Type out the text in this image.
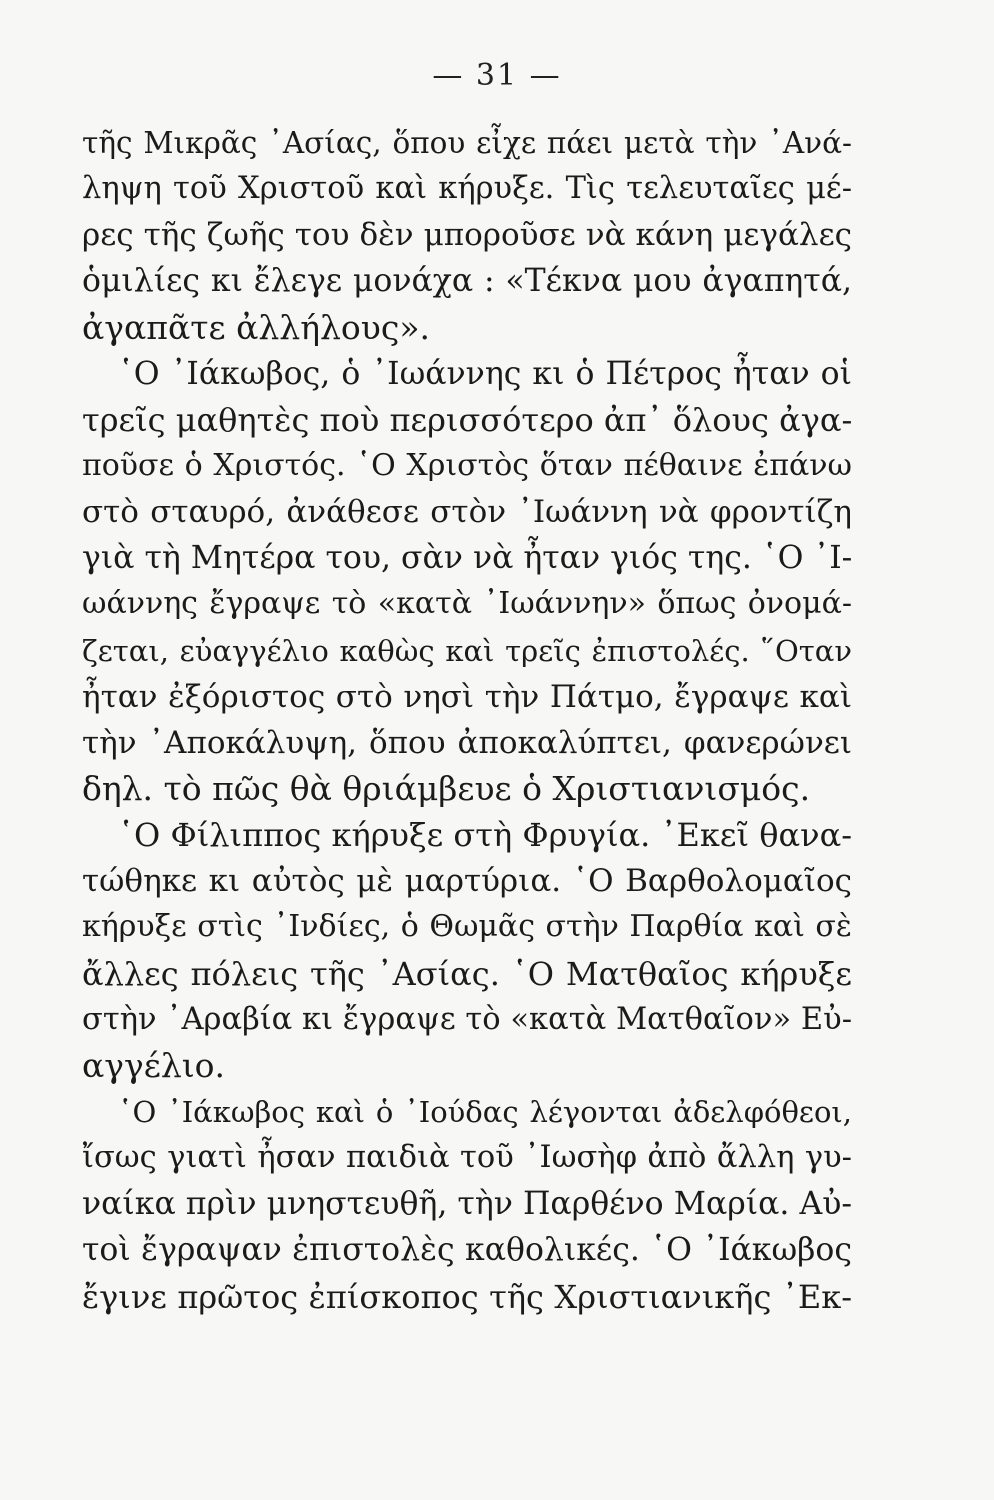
— 31 —
τῆς Μικρᾶς ᾿Ασίας, ὅπου εἶχε πάει μετὰ τὴν ᾿Ανά-
ληψη τοῦ Χριστοῦ καὶ κήρυξε. Τὶς τελευταῖες μέ-
ρες τῆς ζωῆς του δὲν μποροῦσε νὰ κάνη μεγάλες
ὁμιλίες κι ἔλεγε μονάχα : «Τέκνα μου ἀγαπητά,
ἀγαπᾶτε ἀλλήλους».
῾Ο ᾿Ιάκωβος, ὁ ᾿Ιωάννης κι ὁ Πέτρος ἦταν οἱ
τρεῖς μαθητὲς ποὺ περισσότερο ἀπ᾿ ὅλους ἀγα-
ποῦσε ὁ Χριστός. ῾Ο Χριστὸς ὅταν πέθαινε ἐπάνω
στὸ σταυρό, ἀνάθεσε στὸν ᾿Ιωάννη νὰ φροντίζη
γιὰ τὴ Μητέρα του, σὰν νὰ ἦταν γιός της. ῾Ο ᾿Ι-
ωάννης ἔγραψε τὸ «κατὰ ᾿Ιωάννην» ὅπως ὀνομά-
ζεται, εὐαγγέλιο καθὼς καὶ τρεῖς ἐπιστολές. ῞Οταν
ἦταν ἐξόριστος στὸ νησὶ τὴν Πάτμο, ἔγραψε καὶ
τὴν ᾿Αποκάλυψη, ὅπου ἀποκαλύπτει, φανερώνει
δηλ. τὸ πῶς θὰ θριάμβευε ὁ Χριστιανισμός.
῾Ο Φίλιππος κήρυξε στὴ Φρυγία. ᾿Εκεῖ θανα-
τώθηκε κι αὐτὸς μὲ μαρτύρια. ῾Ο Βαρθολομαῖος
κήρυξε στὶς ᾿Ινδίες, ὁ Θωμᾶς στὴν Παρθία καὶ σὲ
ἄλλες πόλεις τῆς ᾿Ασίας. ῾Ο Ματθαῖος κήρυξε
στὴν ᾿Αραβία κι ἔγραψε τὸ «κατὰ Ματθαῖον» Εὐ-
αγγέλιο.
῾Ο ᾿Ιάκωβος καὶ ὁ ᾿Ιούδας λέγονται ἀδελφόθεοι,
ἴσως γιατὶ ἦσαν παιδιὰ τοῦ ᾿Ιωσὴφ ἀπὸ ἄλλη γυ-
ναίκα πρὶν μνηστευθῆ, τὴν Παρθένο Μαρία. Αὐ-
τοὶ ἔγραψαν ἐπιστολὲς καθολικές. ῾Ο ᾿Ιάκωβος
ἔγινε πρῶτος ἐπίσκοπος τῆς Χριστιανικῆς ᾿Εκ-
